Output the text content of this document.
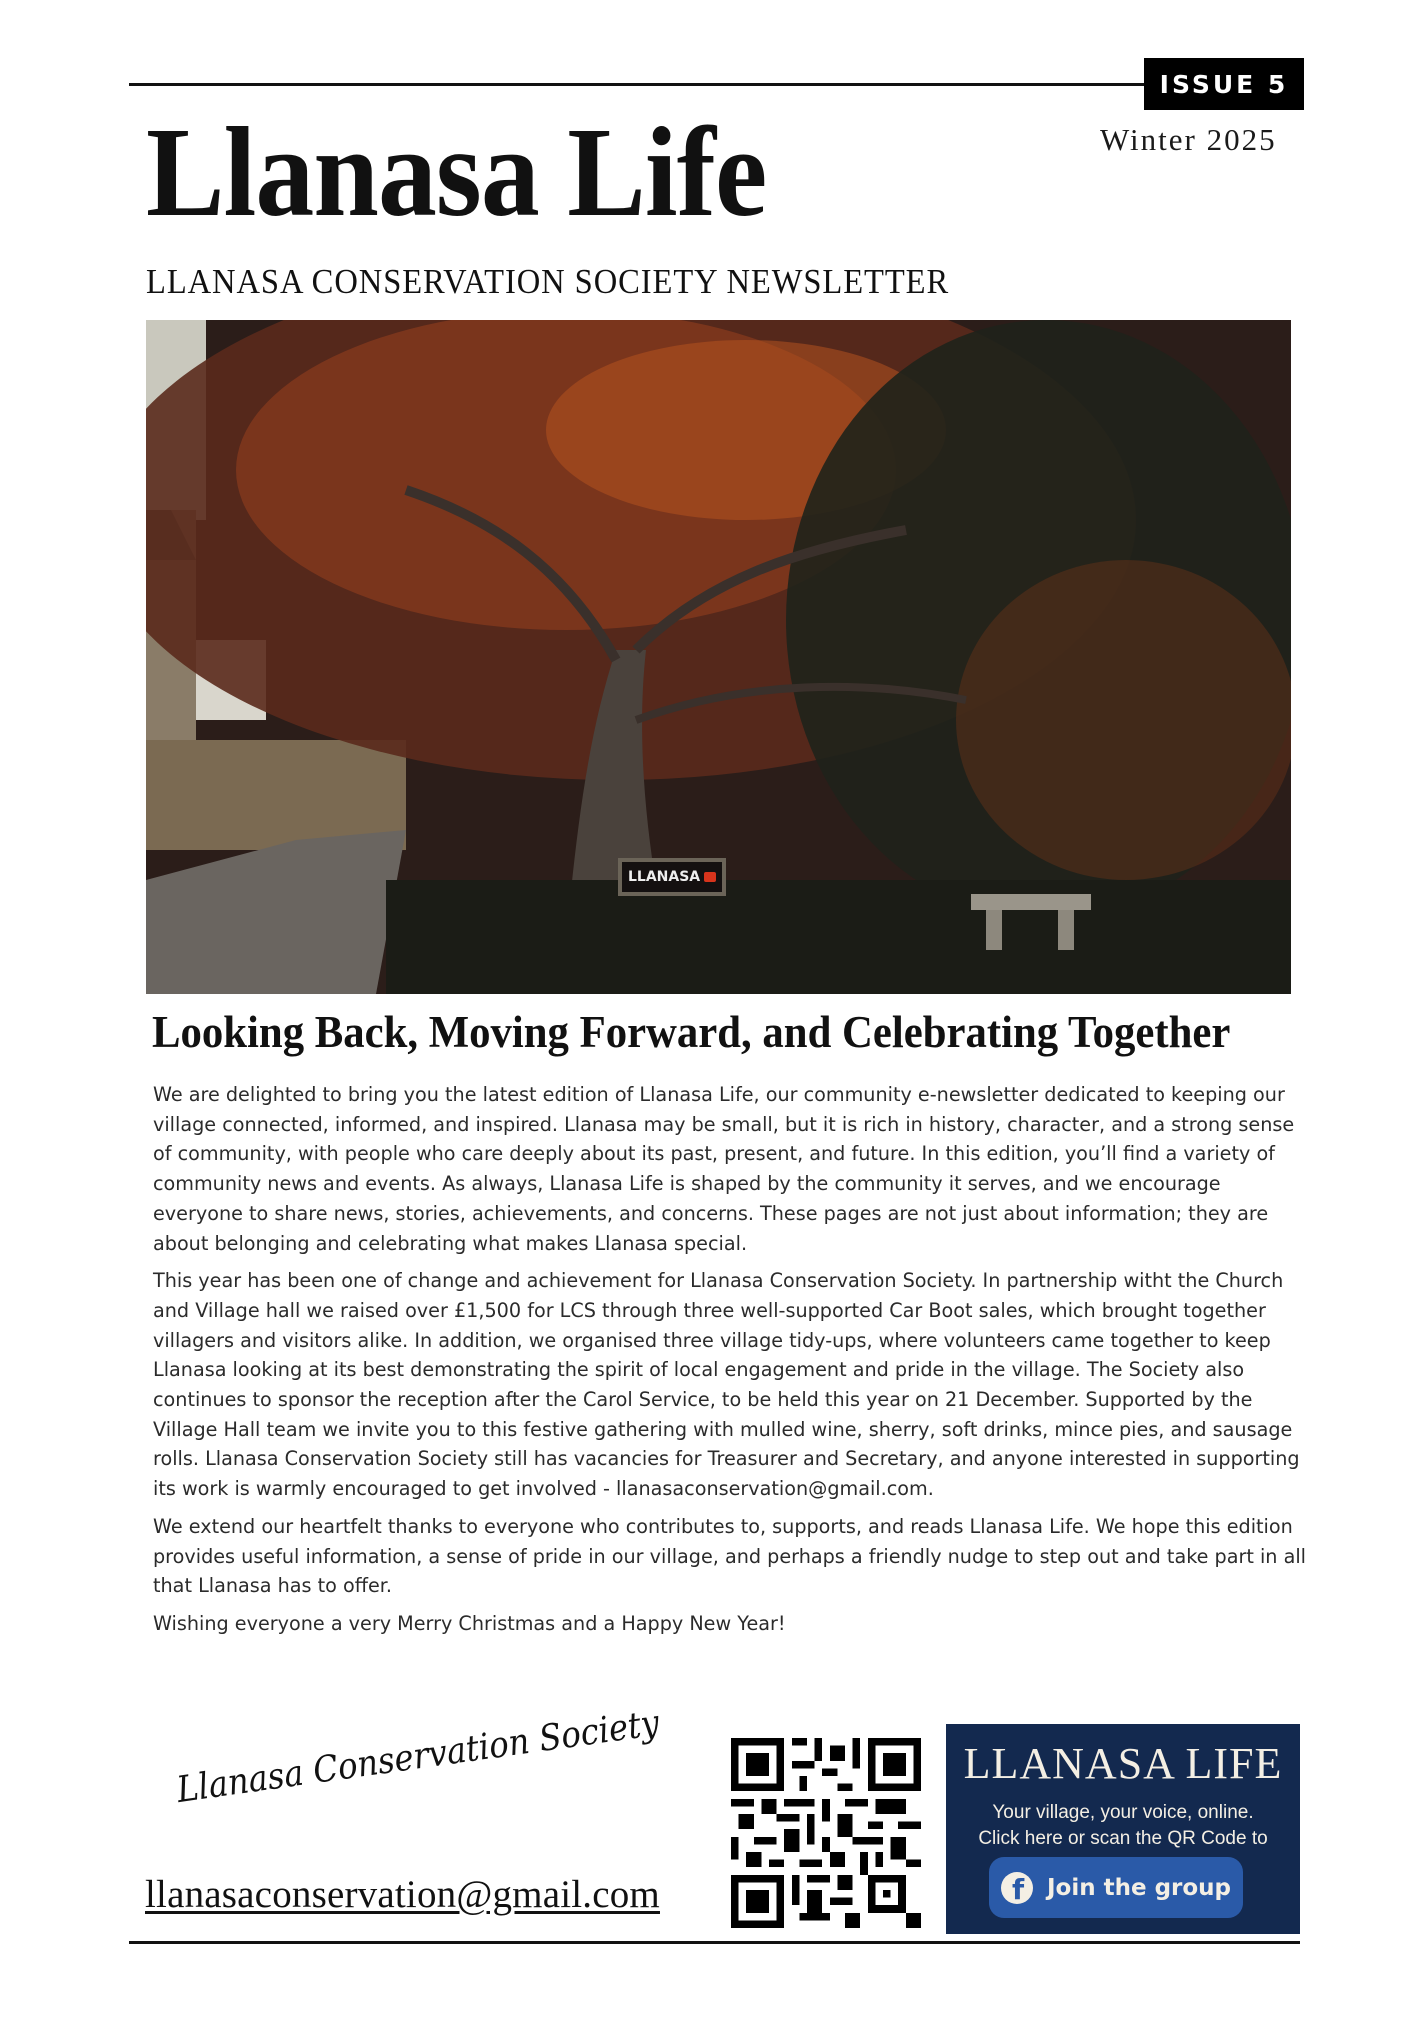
ISSUE 5
Winter 2025
Llanasa Life
LLANASA CONSERVATION SOCIETY NEWSLETTER
LLANASA
Looking Back, Moving Forward, and Celebrating Together

We are delighted to bring you the latest edition of Llanasa Life, our community e-newsletter dedicated to keeping our village connected, informed, and inspired. Llanasa may be small, but it is rich in history, character, and a strong sense of community, with people who care deeply about its past, present, and future. In this edition, you’ll find a variety of community news and events. As always, Llanasa Life is shaped by the community it serves, and we encourage everyone to share news, stories, achievements, and concerns. These pages are not just about information; they are about belonging and celebrating what makes Llanasa special.

This year has been one of change and achievement for Llanasa Conservation Society. In partnership witht the Church and Village hall we raised over £1,500 for LCS through three well-supported Car Boot sales, which brought together villagers and visitors alike. In addition, we organised three village tidy-ups, where volunteers came together to keep Llanasa looking at its best demonstrating the spirit of local engagement and pride in the village. The Society also continues to sponsor the reception after the Carol Service, to be held this year on 21 December. Supported by the Village Hall team we invite you to this festive gathering with mulled wine, sherry, soft drinks, mince pies, and sausage rolls. Llanasa Conservation Society still has vacancies for Treasurer and Secretary, and anyone interested in supporting its work is warmly encouraged to get involved - llanasaconservation@gmail.com.

We extend our heartfelt thanks to everyone who contributes to, supports, and reads Llanasa Life. We hope this edition provides useful information, a sense of pride in our village, and perhaps a friendly nudge to step out and take part in all that Llanasa has to offer.

Wishing everyone a very Merry Christmas and a Happy New Year!

Llanasa Conservation Society
llanasaconservation@gmail.com
LLANASA LIFE
Your village, your voice, online.
Click here or scan the QR Code to
f Join the group
